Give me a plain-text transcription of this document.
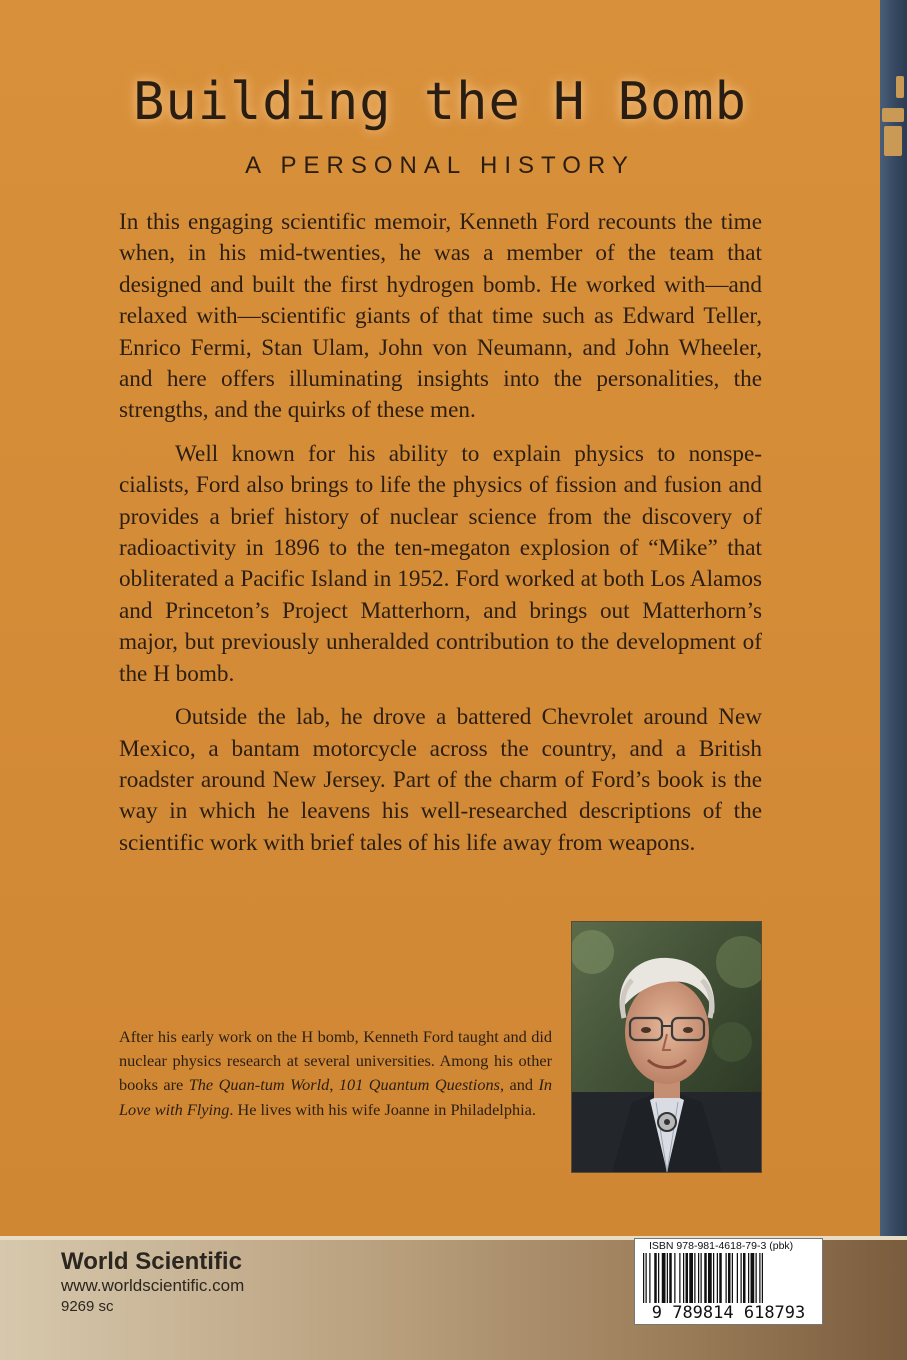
Building the H Bomb
A PERSONAL HISTORY

In this engaging scientific memoir, Kenneth Ford recounts the time when, in his mid-twenties, he was a member of the team that designed and built the first hydrogen bomb. He worked with—and relaxed with—scientific giants of that time such as Edward Teller, Enrico Fermi, Stan Ulam, John von Neumann, and John Wheeler, and here offers illuminating insights into the personalities, the strengths, and the quirks of these men.

Well known for his ability to explain physics to nonspe-cialists, Ford also brings to life the physics of fission and fusion and provides a brief history of nuclear science from the discovery of radioactivity in 1896 to the ten-megaton explosion of “Mike” that obliterated a Pacific Island in 1952. Ford worked at both Los Alamos and Princeton’s Project Matterhorn, and brings out Matterhorn’s major, but previously unheralded contribution to the development of the H bomb.

Outside the lab, he drove a battered Chevrolet around New Mexico, a bantam motorcycle across the country, and a British roadster around New Jersey. Part of the charm of Ford’s book is the way in which he leavens his well-researched descriptions of the scientific work with brief tales of his life away from weapons.

After his early work on the H bomb, Kenneth Ford taught and did nuclear physics research at several universities. Among his other books are The Quan-tum World, 101 Quantum Questions, and In Love with Flying. He lives with his wife Joanne in Philadelphia.
World Scientific
www.worldscientific.com
9269 sc
ISBN 978-981-4618-79-3 (pbk)
9 789814 618793
